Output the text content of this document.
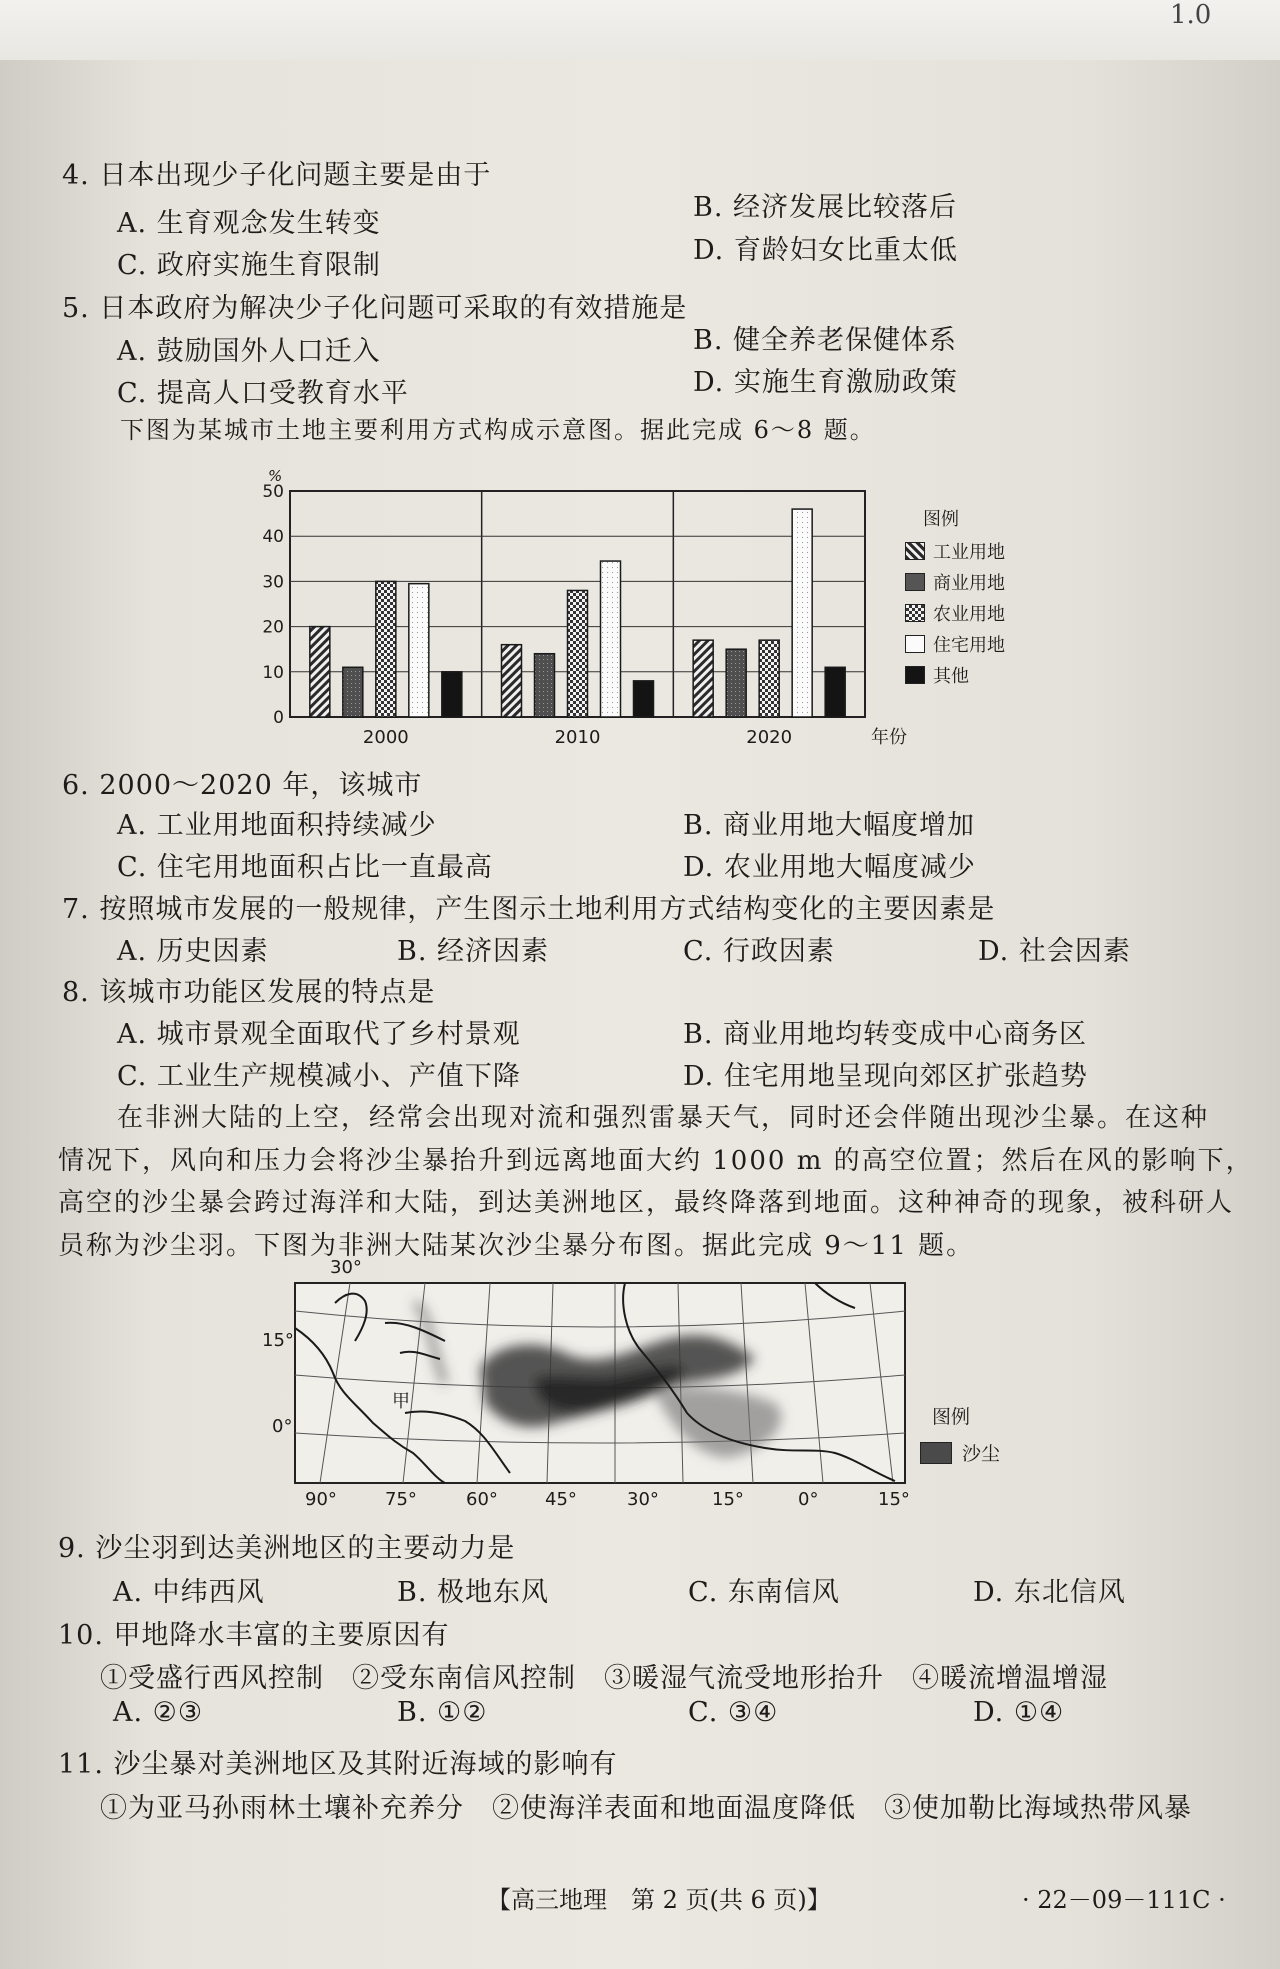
1.0
4. 日本出现少子化问题主要是由于
A. 生育观念发生转变
B. 经济发展比较落后
C. 政府实施生育限制	D. 育龄妇女比重太低
5. 日本政府为解决少子化问题可采取的有效措施是
A. 鼓励国外人口迁入	B. 健全养老保健体系
C. 提高人口受教育水平	D. 实施生育激励政策
下图为某城市土地主要利用方式构成示意图。据此完成 6～8 题。
0
10
20
30
40
50
%
年份
2000	2010	2020
图例
工业用地
商业用地
农业用地
住宅用地
其他
6. 2000～2020 年，该城市
A. 工业用地面积持续减少	B. 商业用地大幅度增加
C. 住宅用地面积占比一直最高	D. 农业用地大幅度减少
7. 按照城市发展的一般规律，产生图示土地利用方式结构变化的主要因素是
A. 历史因素	B. 经济因素	C. 行政因素	D. 社会因素
8. 该城市功能区发展的特点是
A. 城市景观全面取代了乡村景观	B. 商业用地均转变成中心商务区
C. 工业生产规模减小、产值下降	D. 住宅用地呈现向郊区扩张趋势
在非洲大陆的上空，经常会出现对流和强烈雷暴天气，同时还会伴随出现沙尘暴。在这种
情况下，风向和压力会将沙尘暴抬升到远离地面大约 1000 m 的高空位置；然后在风的影响下，
高空的沙尘暴会跨过海洋和大陆，到达美洲地区，最终降落到地面。这种神奇的现象，被科研人
员称为沙尘羽。下图为非洲大陆某次沙尘暴分布图。据此完成 9～11 题。
30°
15°
0°
90°	75°	60°	45°	30°	15°	0°	15°
甲
图例
沙尘
9. 沙尘羽到达美洲地区的主要动力是
A. 中纬西风	B. 极地东风	C. 东南信风	D. 东北信风
10. 甲地降水丰富的主要原因有
①受盛行西风控制　②受东南信风控制　③暖湿气流受地形抬升　④暖流增温增湿
A. ②③	B. ①②	C. ③④	D. ①④
11. 沙尘暴对美洲地区及其附近海域的影响有
①为亚马孙雨林土壤补充养分　②使海洋表面和地面温度降低　③使加勒比海域热带风暴
【高三地理　第 2 页(共 6 页)】	· 22－09－111C ·
